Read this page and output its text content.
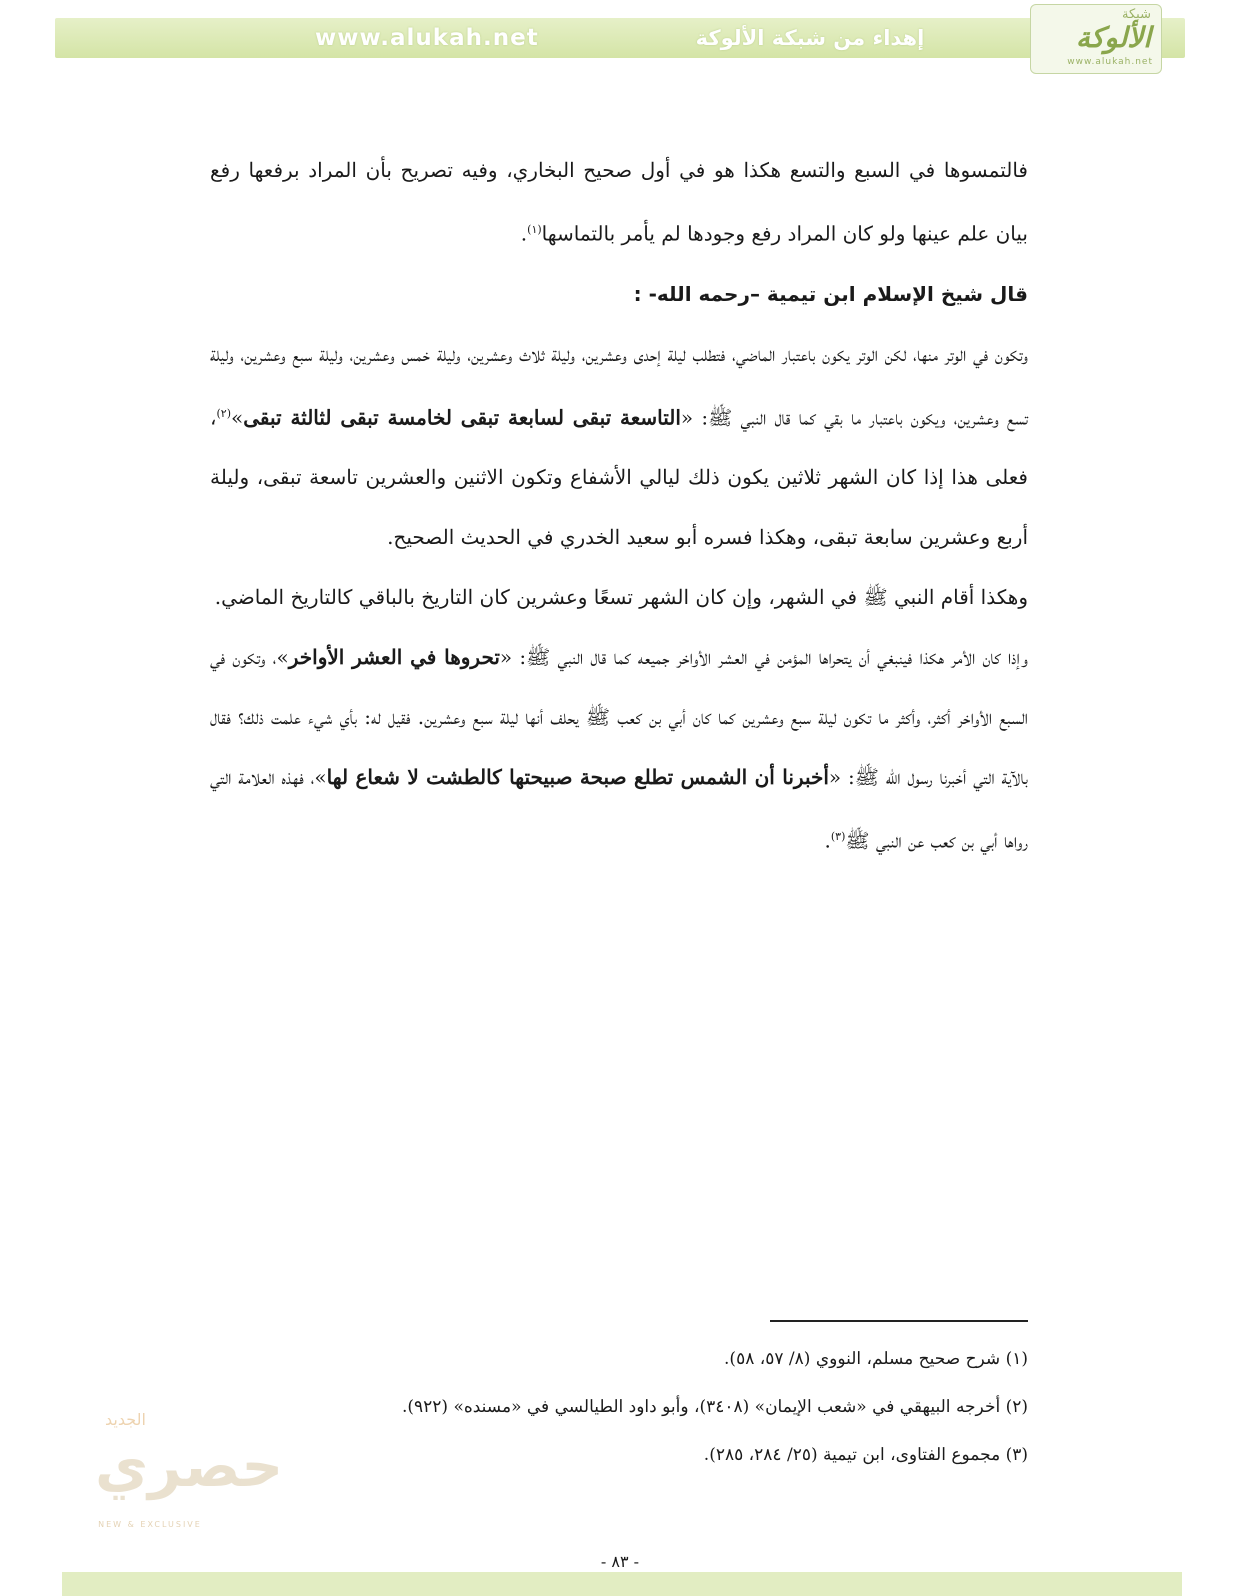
www.alukah.net	إهداء من شبكة الألوكة
شبكة
الألوكة
www.alukah.net

فالتمسوها في السبع والتسع هكذا هو في أول صحيح البخاري، وفيه تصريح بأن المراد برفعها رفع بيان علم عينها ولو كان المراد رفع وجودها لم يأمر بالتماسها$^{(١)}$.

قال شيخ الإسلام ابن تيمية –رحمه الله- :

وتكون في الوتر منها، لكن الوتر يكون باعتبار الماضي، فتطلب ليلة إحدى وعشرين، وليلة ثلاث وعشرين، وليلة خمس وعشرين، وليلة سبع وعشرين، وليلة تسع وعشرين، ويكون باعتبار ما بقي كما قال النبي ﷺ: «التاسعة تبقى لسابعة تبقى لخامسة تبقى لثالثة تبقى»$^{(٢)}$، فعلى هذا إذا كان الشهر ثلاثين يكون ذلك ليالي الأشفاع وتكون الاثنين والعشرين تاسعة تبقى، وليلة أربع وعشرين سابعة تبقى، وهكذا فسره أبو سعيد الخدري في الحديث الصحيح.

وهكذا أقام النبي ﷺ في الشهر، وإن كان الشهر تسعًا وعشرين كان التاريخ بالباقي كالتاريخ الماضي.

وإذا كان الأمر هكذا فينبغي أن يتحراها المؤمن في العشر الأواخر جميعه كما قال النبي ﷺ: «تحروها في العشر الأواخر»، وتكون في السبع الأواخر أكثر، وأكثر ما تكون ليلة سبع وعشرين كما كان أبي بن كعب ﷺ يحلف أنها ليلة سبع وعشرين. فقيل له: بأي شيء علمت ذلك؟ فقال بالآية التي أخبرنا رسول الله ﷺ: «أخبرنا أن الشمس تطلع صبحة صبيحتها كالطشت لا شعاع لها»، فهذه العلامة التي رواها أبي بن كعب عن النبي ﷺ$^{(٣)}$.

(١) شرح صحيح مسلم، النووي (٨/ ٥٧، ٥٨).

(٢) أخرجه البيهقي في «شعب الإيمان» (٣٤٠٨)، وأبو داود الطيالسي في «مسنده» (٩٢٢).

(٣) مجموع الفتاوى، ابن تيمية (٢٥/ ٢٨٤، ٢٨٥).

الجديد
حصري
NEW & EXCLUSIVE
- ٨٣ -
